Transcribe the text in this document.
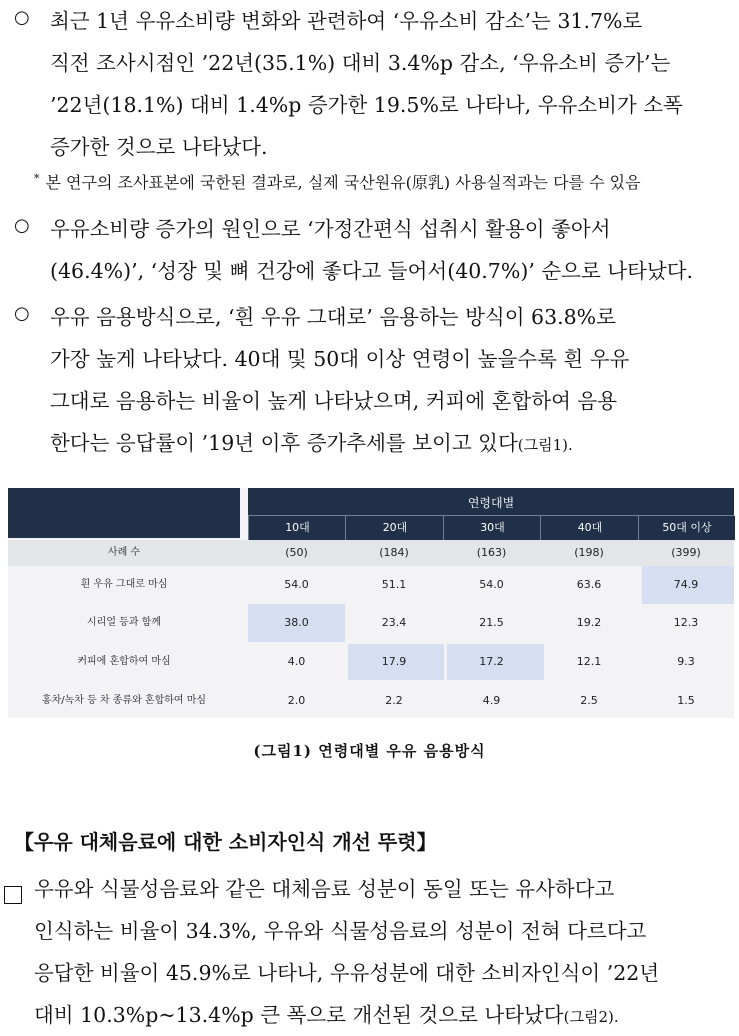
○ 최근 1년 우유소비량 변화와 관련하여 ‘우유소비 감소’는 31.7%로
직전 조사시점인 ’22년(35.1%) 대비 3.4%p 감소, ‘우유소비 증가’는
’22년(18.1%) 대비 1.4%p 증가한 19.5%로 나타나, 우유소비가 소폭
증가한 것으로 나타났다.
* 본 연구의 조사표본에 국한된 결과로, 실제 국산원유(原乳) 사용실적과는 다를 수 있음
○ 우유소비량 증가의 원인으로 ‘가정간편식 섭취시 활용이 좋아서
(46.4%)’, ‘성장 및 뼈 건강에 좋다고 들어서(40.7%)’ 순으로 나타났다.
○ 우유 음용방식으로, ‘흰 우유 그대로’ 음용하는 방식이 63.8%로
가장 높게 나타났다. 40대 및 50대 이상 연령이 높을수록 흰 우유
그대로 음용하는 비율이 높게 나타났으며, 커피에 혼합하여 음용
한다는 응답률이 ’19년 이후 증가추세를 보이고 있다(그림1).
연령대별
10대	20대	30대	40대	50대 이상
사례 수	(50)	(184)	(163)	(198)	(399)
흰 우유 그대로 마심	54.0	51.1	54.0	63.6	74.9
시리얼 등과 함께	38.0	23.4	21.5	19.2	12.3
커피에 혼합하여 마심	4.0	17.9	17.2	12.1	9.3
홍차/녹차 등 차 종류와 혼합하여 마심	2.0	2.2	4.9	2.5	1.5
(그림1) 연령대별 우유 음용방식
【우유 대체음료에 대한 소비자인식 개선 뚜렷】
우유와 식물성음료와 같은 대체음료 성분이 동일 또는 유사하다고
인식하는 비율이 34.3%, 우유와 식물성음료의 성분이 전혀 다르다고
응답한 비율이 45.9%로 나타나, 우유성분에 대한 소비자인식이 ’22년
대비 10.3%p~13.4%p 큰 폭으로 개선된 것으로 나타났다(그림2).
